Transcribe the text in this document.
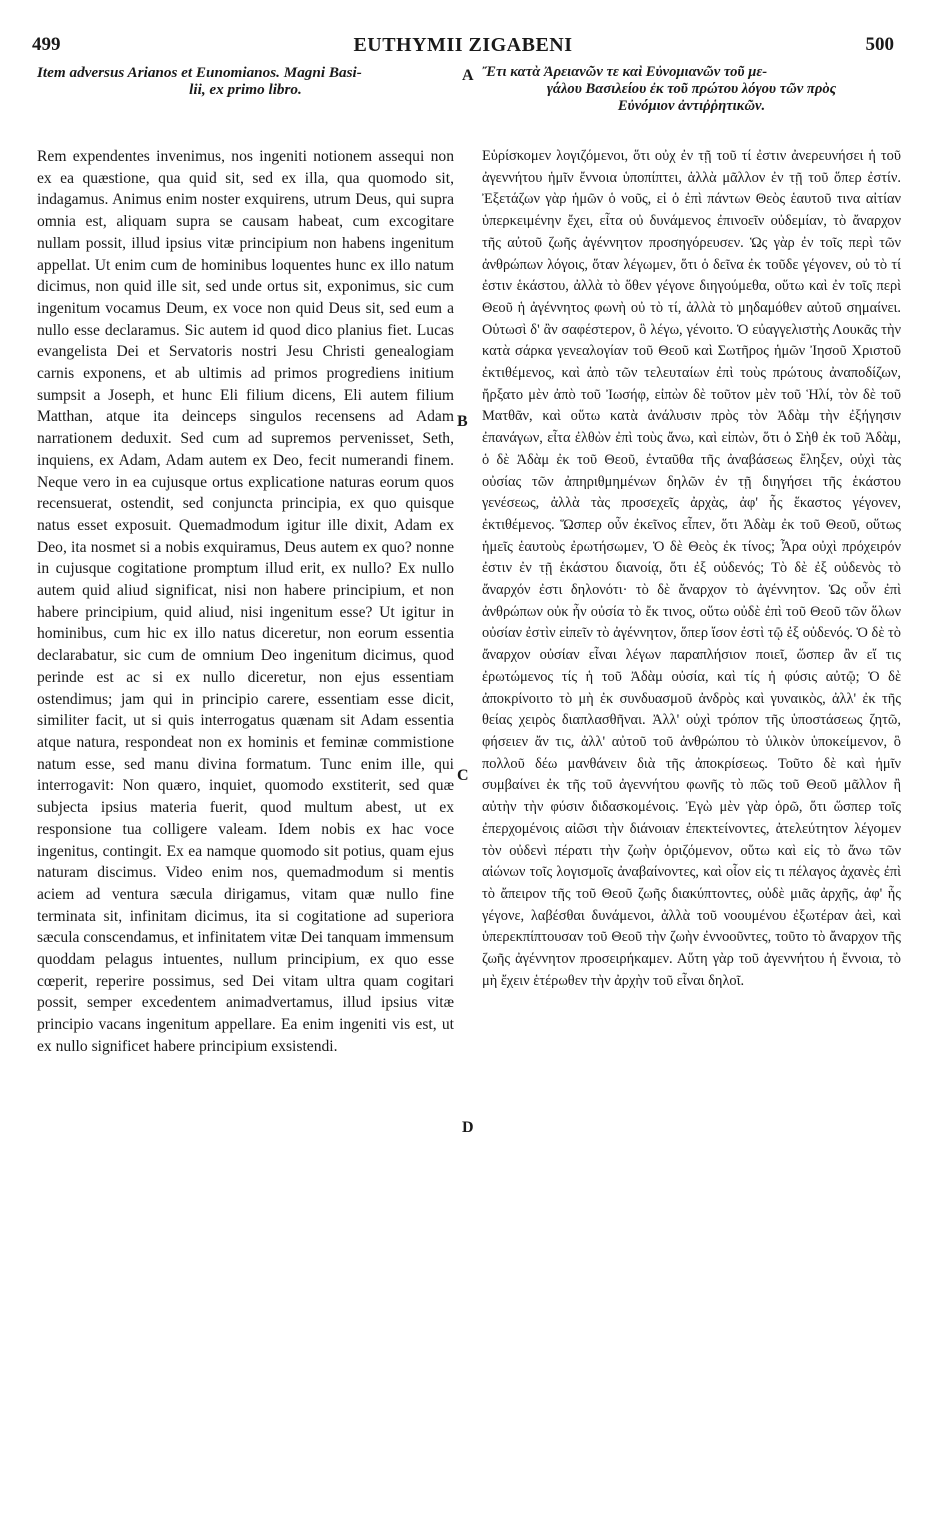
499	EUTHYMII ZIGABENI	500
A
B
C
D
Item adversus Arianos et Eunomianos. Magni Basi-
lii, ex primo libro.

Rem expendentes invenimus, nos ingeniti notionem assequi non ex ea quæstione, qua quid sit, sed ex illa, qua quomodo sit, indagamus. Animus enim noster exquirens, utrum Deus, qui supra omnia est, aliquam supra se causam habeat, cum excogitare nullam possit, illud ipsius vitæ principium non habens ingenitum appellat. Ut enim cum de hominibus loquentes hunc ex illo natum dicimus, non quid ille sit, sed unde ortus sit, exponimus, sic cum ingenitum vocamus Deum, ex voce non quid Deus sit, sed eum a nullo esse declaramus. Sic autem id quod dico planius fiet. Lucas evangelista Dei et Servatoris nostri Jesu Christi genealogiam carnis exponens, et ab ultimis ad primos progrediens initium sumpsit a Joseph, et hunc Eli filium dicens, Eli autem filium Matthan, atque ita deinceps singulos recensens ad Adam narrationem deduxit. Sed cum ad supremos pervenisset, Seth, inquiens, ex Adam, Adam autem ex Deo, fecit numerandi finem. Neque vero in ea cujusque ortus explicatione naturas eorum quos recensuerat, ostendit, sed conjuncta principia, ex quo quisque natus esset exposuit. Quemadmodum igitur ille dixit, Adam ex Deo, ita nosmet si a nobis exquiramus, Deus autem ex quo? nonne in cujusque cogitatione promptum illud erit, ex nullo? Ex nullo autem quid aliud significat, nisi non habere principium, et non habere principium, quid aliud, nisi ingenitum esse? Ut igitur in hominibus, cum hic ex illo natus diceretur, non eorum essentia declarabatur, sic cum de omnium Deo ingenitum dicimus, quod perinde est ac si ex nullo diceretur, non ejus essentiam ostendimus; jam qui in principio carere, essentiam esse dicit, similiter facit, ut si quis interrogatus quænam sit Adam essentia atque natura, respondeat non ex hominis et feminæ commistione natum esse, sed manu divina formatum. Tunc enim ille, qui interrogavit: Non quæro, inquiet, quomodo exstiterit, sed quæ subjecta ipsius materia fuerit, quod multum abest, ut ex responsione tua colligere valeam. Idem nobis ex hac voce ingenitus, contingit. Ex ea namque quomodo sit potius, quam ejus naturam discimus. Video enim nos, quemadmodum si mentis aciem ad ventura sæcula dirigamus, vitam quæ nullo fine terminata sit, infinitam dicimus, ita si cogitatione ad superiora sæcula conscendamus, et infinitatem vitæ Dei tanquam immensum quoddam pelagus intuentes, nullum principium, ex quo esse cœperit, reperire possimus, sed Dei vitam ultra quam cogitari possit, semper excedentem animadvertamus, illud ipsius vitæ principio vacans ingenitum appellare. Ea enim ingeniti vis est, ut ex nullo significet habere principium exsistendi.

Ἔτι κατὰ Ἀρειανῶν τε καὶ Εὐνομιανῶν τοῦ με-
γάλου Βασιλείου ἐκ τοῦ πρώτου λόγου τῶν πρὸς
Εὐνόμιον ἀντιῤῥητικῶν.

Εὑρίσκομεν λογιζόμενοι, ὅτι οὐχ ἐν τῇ τοῦ τί ἐστιν ἀνερευνήσει ἡ τοῦ ἀγεννήτου ἡμῖν ἔννοια ὑποπίπτει, ἀλλὰ μᾶλλον ἐν τῇ τοῦ ὅπερ ἐστίν. Ἐξετάζων γὰρ ἡμῶν ὁ νοῦς, εἰ ὁ ἐπὶ πάντων Θεὸς ἑαυτοῦ τινα αἰτίαν ὑπερκειμένην ἔχει, εἶτα οὐ δυνάμενος ἐπινοεῖν οὐδεμίαν, τὸ ἄναρχον τῆς αὐτοῦ ζωῆς ἀγέννητον προσηγόρευσεν. Ὡς γὰρ ἐν τοῖς περὶ τῶν ἀνθρώπων λόγοις, ὅταν λέγωμεν, ὅτι ὁ δεῖνα ἐκ τοῦδε γέγονεν, οὐ τὸ τί ἐστιν ἑκάστου, ἀλλὰ τὸ ὅθεν γέγονε διηγούμεθα, οὕτω καὶ ἐν τοῖς περὶ Θεοῦ ἡ ἀγέννητος φωνὴ οὐ τὸ τί, ἀλλὰ τὸ μηδαμόθεν αὐτοῦ σημαίνει. Οὑτωσὶ δ' ἂν σαφέστερον, ὃ λέγω, γένοιτο. Ὁ εὐαγγελιστὴς Λουκᾶς τὴν κατὰ σάρκα γενεαλογίαν τοῦ Θεοῦ καὶ Σωτῆρος ἡμῶν Ἰησοῦ Χριστοῦ ἐκτιθέμενος, καὶ ἀπὸ τῶν τελευταίων ἐπὶ τοὺς πρώτους ἀναποδίζων, ἤρξατο μὲν ἀπὸ τοῦ Ἰωσήφ, εἰπὼν δὲ τοῦτον μὲν τοῦ Ἡλί, τὸν δὲ τοῦ Ματθᾶν, καὶ οὕτω κατὰ ἀνάλυσιν πρὸς τὸν Ἀδὰμ τὴν ἐξήγησιν ἐπανάγων, εἶτα ἐλθὼν ἐπὶ τοὺς ἄνω, καὶ εἰπὼν, ὅτι ὁ Σὴθ ἐκ τοῦ Ἀδὰμ, ὁ δὲ Ἀδὰμ ἐκ τοῦ Θεοῦ, ἐνταῦθα τῆς ἀναβάσεως ἔληξεν, οὐχὶ τὰς οὐσίας τῶν ἀπηριθμημένων δηλῶν ἐν τῇ διηγήσει τῆς ἑκάστου γενέσεως, ἀλλὰ τὰς προσεχεῖς ἀρχὰς, ἀφ' ἧς ἕκαστος γέγονεν, ἐκτιθέμενος. Ὥσπερ οὖν ἐκεῖνος εἶπεν, ὅτι Ἀδὰμ ἐκ τοῦ Θεοῦ, οὕτως ἡμεῖς ἑαυτοὺς ἐρωτήσωμεν, Ὁ δὲ Θεὸς ἐκ τίνος; Ἆρα οὐχὶ πρόχειρόν ἐστιν ἐν τῇ ἑκάστου διανοίᾳ, ὅτι ἐξ οὐδενός; Τὸ δὲ ἐξ οὐδενὸς τὸ ἄναρχόν ἐστι δηλονότι· τὸ δὲ ἄναρχον τὸ ἀγέννητον. Ὡς οὖν ἐπὶ ἀνθρώπων οὐκ ἦν οὐσία τὸ ἔκ τινος, οὕτω οὐδὲ ἐπὶ τοῦ Θεοῦ τῶν ὅλων οὐσίαν ἐστὶν εἰπεῖν τὸ ἀγέννητον, ὅπερ ἴσον ἐστὶ τῷ ἐξ οὐδενός. Ὁ δὲ τὸ ἄναρχον οὐσίαν εἶναι λέγων παραπλήσιον ποιεῖ, ὥσπερ ἂν εἴ τις ἐρωτώμενος τίς ἡ τοῦ Ἀδὰμ οὐσία, καὶ τίς ἡ φύσις αὐτῷ; Ὁ δὲ ἀποκρίνοιτο τὸ μὴ ἐκ συνδυασμοῦ ἀνδρὸς καὶ γυναικὸς, ἀλλ' ἐκ τῆς θείας χειρὸς διαπλασθῆναι. Ἀλλ' οὐχὶ τρόπον τῆς ὑποστάσεως ζητῶ, φήσειεν ἄν τις, ἀλλ' αὐτοῦ τοῦ ἀνθρώπου τὸ ὑλικὸν ὑποκείμενον, ὃ πολλοῦ δέω μανθάνειν διὰ τῆς ἀποκρίσεως. Τοῦτο δὲ καὶ ἡμῖν συμβαίνει ἐκ τῆς τοῦ ἀγεννήτου φωνῆς τὸ πῶς τοῦ Θεοῦ μᾶλλον ἢ αὐτὴν τὴν φύσιν διδασκομένοις. Ἐγὼ μὲν γὰρ ὁρῶ, ὅτι ὥσπερ τοῖς ἐπερχομένοις αἰῶσι τὴν διάνοιαν ἐπεκτείνοντες, ἀτελεύτητον λέγομεν τὸν οὐδενὶ πέρατι τὴν ζωὴν ὁριζόμενον, οὕτω καὶ εἰς τὸ ἄνω τῶν αἰώνων τοῖς λογισμοῖς ἀναβαίνοντες, καὶ οἷον εἰς τι πέλαγος ἀχανὲς ἐπὶ τὸ ἄπειρον τῆς τοῦ Θεοῦ ζωῆς διακύπτοντες, οὐδὲ μιᾶς ἀρχῆς, ἀφ' ἧς γέγονε, λαβέσθαι δυνάμενοι, ἀλλὰ τοῦ νοουμένου ἐξωτέραν ἀεὶ, καὶ ὑπερεκπίπτουσαν τοῦ Θεοῦ τὴν ζωὴν ἐννοοῦντες, τοῦτο τὸ ἄναρχον τῆς ζωῆς ἀγέννητον προσειρήκαμεν. Αὕτη γὰρ τοῦ ἀγεννήτου ἡ ἔννοια, τὸ μὴ ἔχειν ἑτέρωθεν τὴν ἀρχὴν τοῦ εἶναι δηλοῖ.
